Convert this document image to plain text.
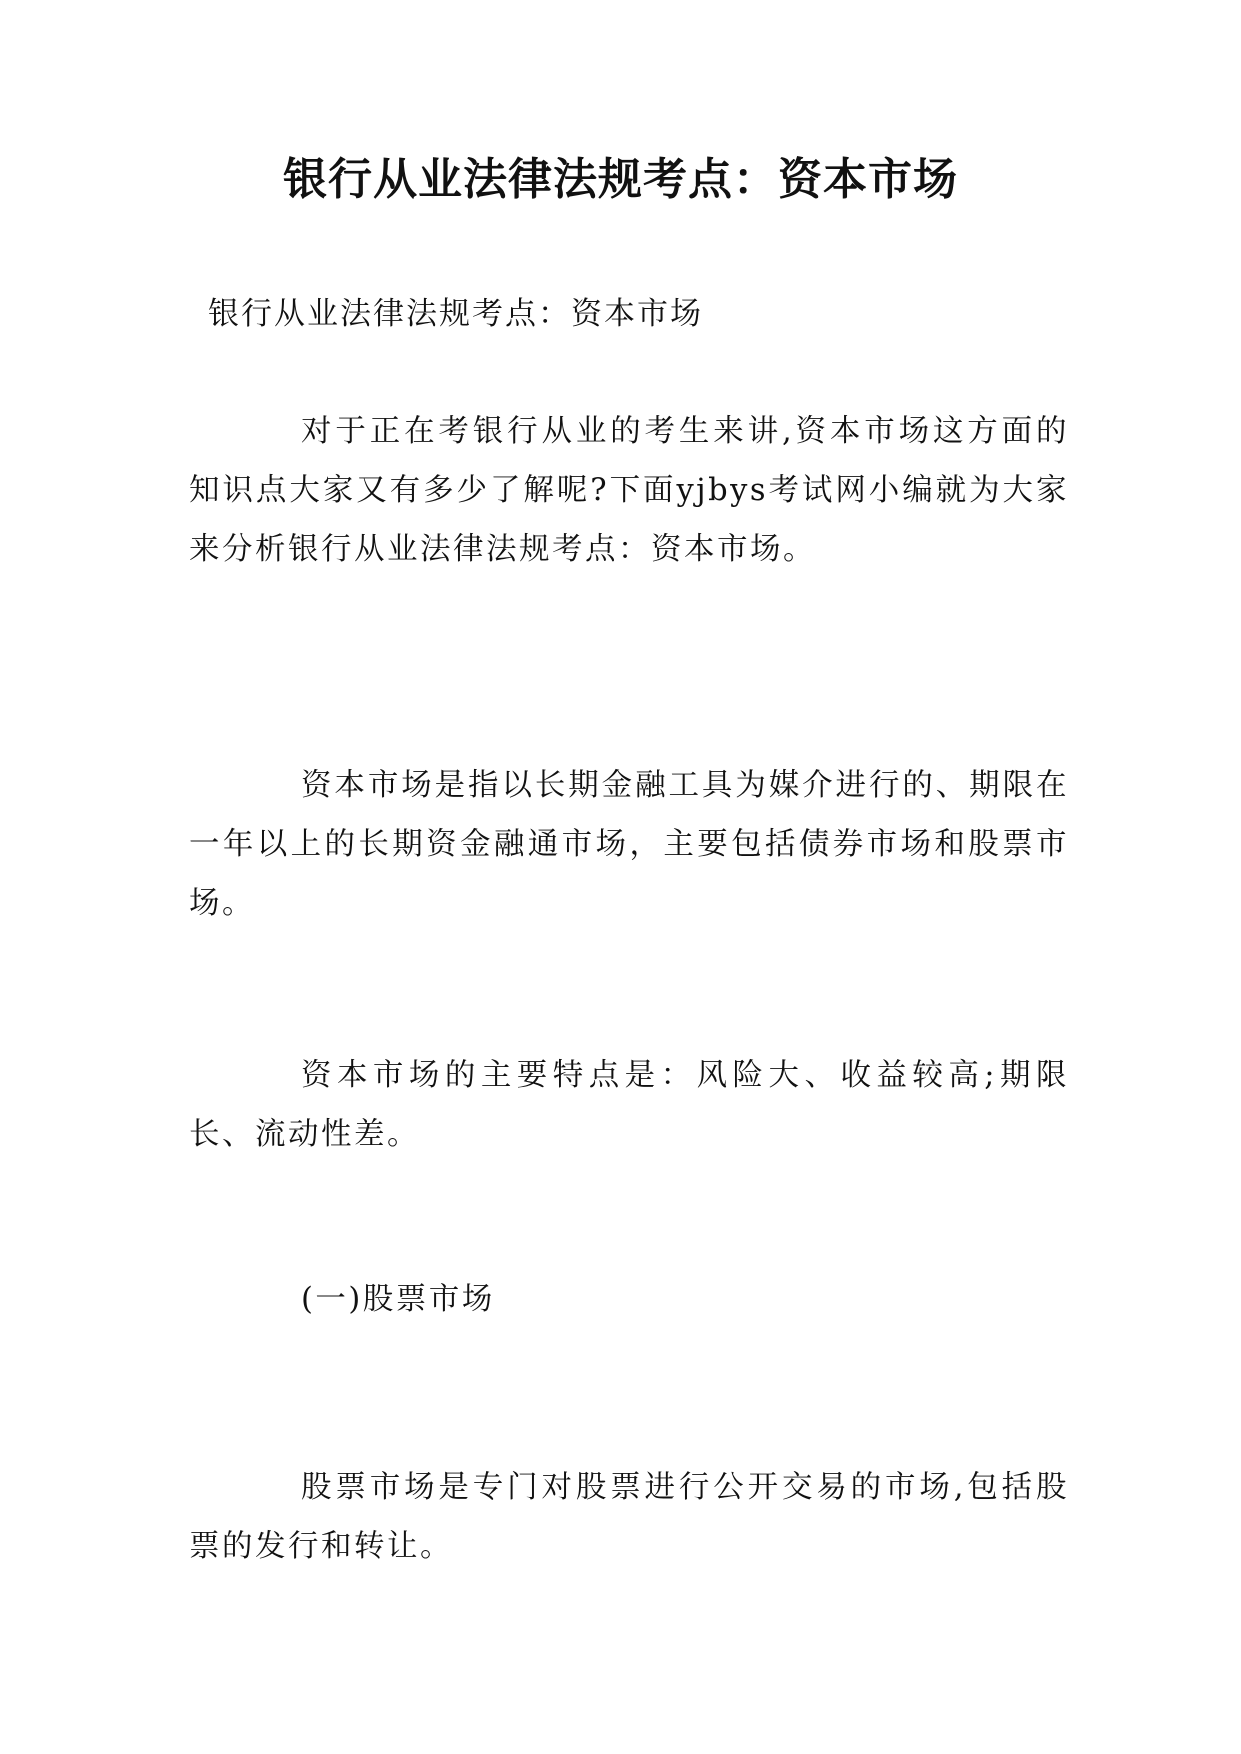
银行从业法律法规考点：资本市场

银行从业法律法规考点：资本市场

对于正在考银行从业的考生来讲,资本市场这方面的知识点大家又有多少了解呢?下面yjbys考试网小编就为大家来分析银行从业法律法规考点：资本市场。

资本市场是指以长期金融工具为媒介进行的、期限在一年以上的长期资金融通市场，主要包括债券市场和股票市场。

资本市场的主要特点是：风险大、收益较高;期限长、流动性差。

(一)股票市场

股票市场是专门对股票进行公开交易的市场,包括股票的发行和转让。
